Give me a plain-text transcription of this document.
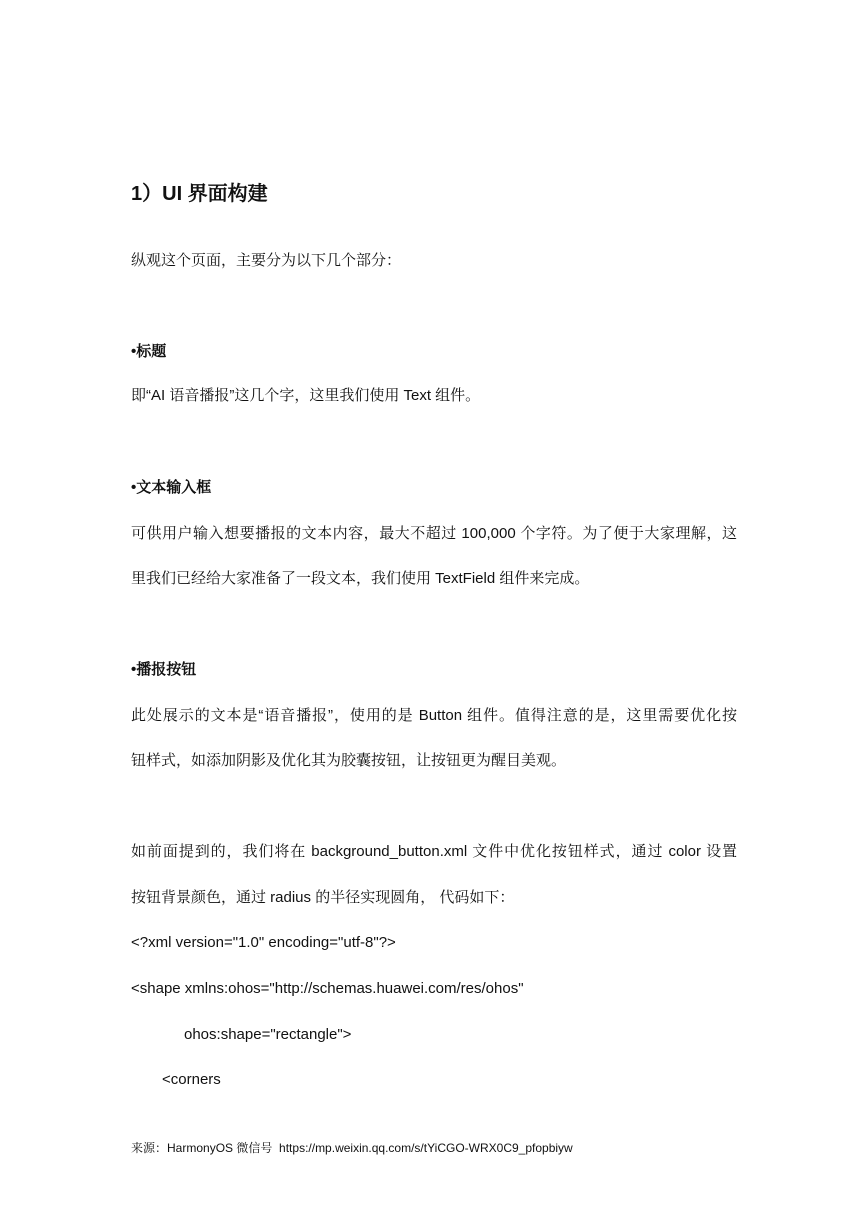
1）UI 界面构建
纵观这个页面，主要分为以下几个部分：
•标题
即“AI 语音播报”这几个字，这里我们使用 Text 组件。
•文本输入框
可供用户输入想要播报的文本内容，最大不超过 100,000 个字符。为了便于大家理解，这
里我们已经给大家准备了一段文本，我们使用 TextField 组件来完成。
•播报按钮
此处展示的文本是“语音播报”，使用的是 Button 组件。值得注意的是，这里需要优化按
钮样式，如添加阴影及优化其为胶囊按钮，让按钮更为醒目美观。
如前面提到的，我们将在 background_button.xml 文件中优化按钮样式，通过 color 设置
按钮背景颜色，通过 radius 的半径实现圆角， 代码如下：
<?xml version="1.0" encoding="utf-8"?>
<shape xmlns:ohos="http://schemas.huawei.com/res/ohos"
ohos:shape="rectangle">
<corners
来源：HarmonyOS 微信号 https://mp.weixin.qq.com/s/tYiCGO-WRX0C9_pfopbiyw
